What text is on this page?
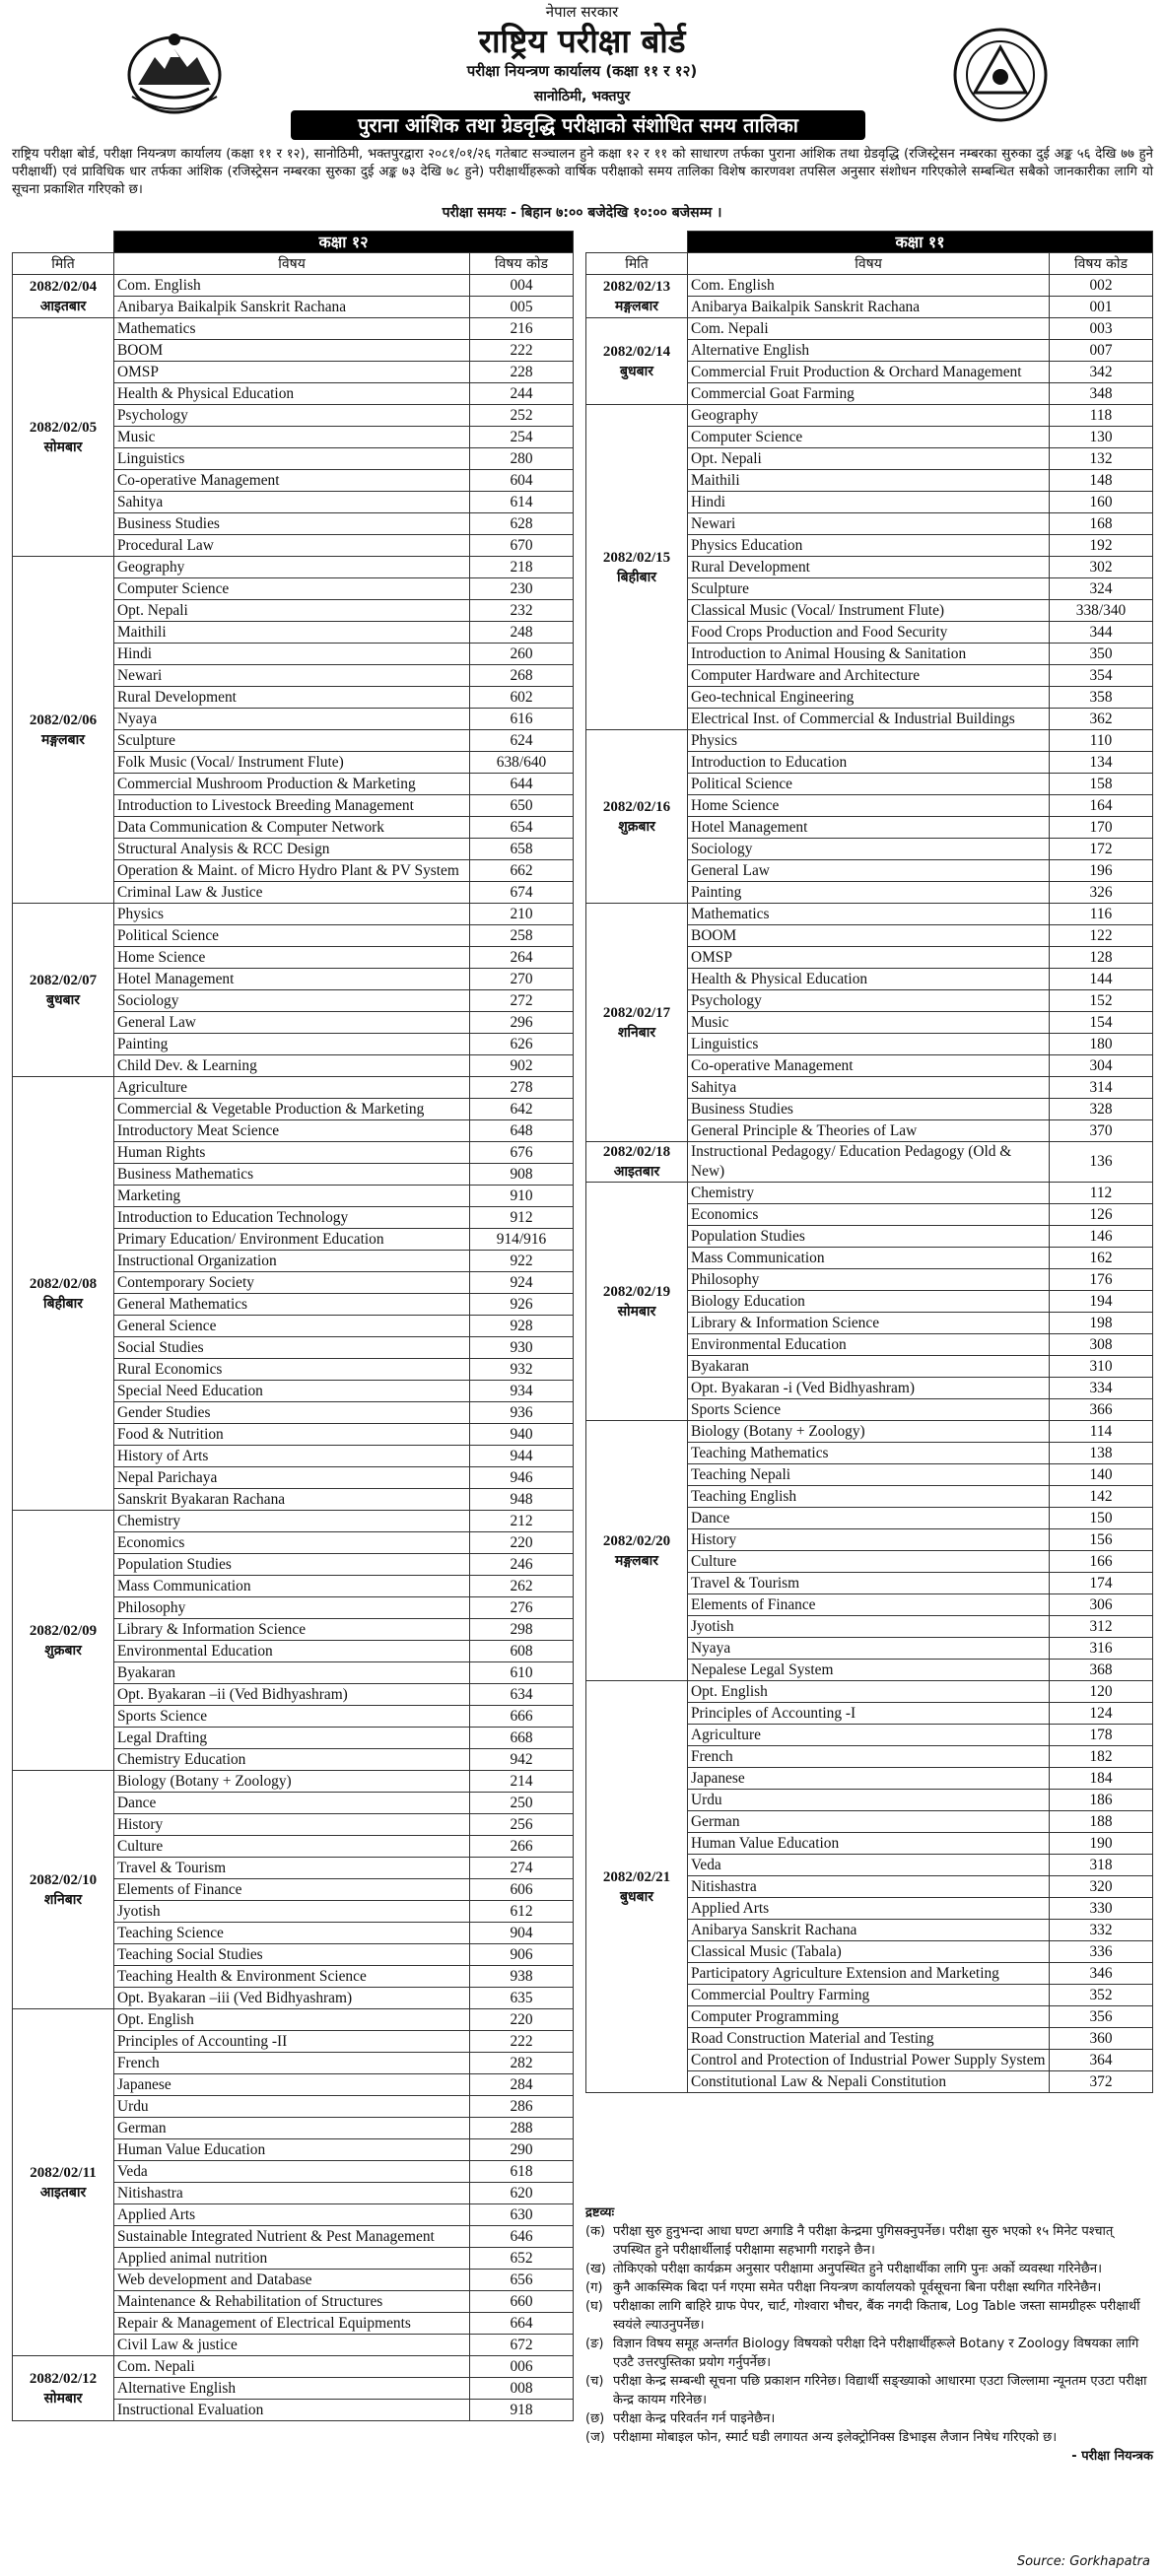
नेपाल सरकार
राष्ट्रिय परीक्षा बोर्ड
परीक्षा नियन्त्रण कार्यालय (कक्षा ११ र १२)
सानोठिमी, भक्तपुर
पुराना आंशिक तथा ग्रेडवृद्धि परीक्षाको संशोधित समय तालिका
राष्ट्रिय परीक्षा बोर्ड, परीक्षा नियन्त्रण कार्यालय (कक्षा ११ र १२), सानोठिमी, भक्तपुरद्वारा २०८१/०१/२६ गतेबाट सञ्चालन हुने कक्षा १२ र ११ को साधारण तर्फका पुराना आंशिक तथा ग्रेडवृद्धि (रजिस्ट्रेसन नम्बरका सुरुका दुई अङ्क ५६ देखि ७७ हुने परीक्षार्थी) एवं प्राविधिक धार तर्फका आंशिक (रजिस्ट्रेसन नम्बरका सुरुका दुई अङ्क ७३ देखि ७८ हुने) परीक्षार्थीहरूको वार्षिक परीक्षाको समय तालिका विशेष कारणवश तपसिल अनुसार संशोधन गरिएकोले सम्बन्धित सबैको जानकारीका लागि यो सूचना प्रकाशित गरिएको छ।
परीक्षा समयः - बिहान ७:०० बजेदेखि १०:०० बजेसम्म ।
	कक्षा १२	
मिति	विषय	विषय कोड
2082/02/04
आइतबार	Com. English	004
	Anibarya Baikalpik Sanskrit Rachana	005
2082/02/05
सोमबार	Mathematics	216
	BOOM	222
	OMSP	228
	Health & Physical Education	244
	Psychology	252
	Music	254
	Linguistics	280
	Co-operative Management	604
	Sahitya	614
	Business Studies	628
	Procedural Law	670
2082/02/06
मङ्गलबार	Geography	218
	Computer Science	230
	Opt. Nepali	232
	Maithili	248
	Hindi	260
	Newari	268
	Rural Development	602
	Nyaya	616
	Sculpture	624
	Folk Music (Vocal/ Instrument Flute)	638/640
	Commercial Mushroom Production & Marketing	644
	Introduction to Livestock Breeding Management	650
	Data Communication & Computer Network	654
	Structural Analysis & RCC Design	658
	Operation & Maint. of Micro Hydro Plant & PV System	662
	Criminal Law & Justice	674
2082/02/07
बुधबार	Physics	210
	Political Science	258
	Home Science	264
	Hotel Management	270
	Sociology	272
	General Law	296
	Painting	626
	Child Dev. & Learning	902
2082/02/08
बिहीबार	Agriculture	278
	Commercial & Vegetable Production & Marketing	642
	Introductory Meat Science	648
	Human Rights	676
	Business Mathematics	908
	Marketing	910
	Introduction to Education Technology	912
	Primary Education/ Environment Education	914/916
	Instructional Organization	922
	Contemporary Society	924
	General Mathematics	926
	General Science	928
	Social Studies	930
	Rural Economics	932
	Special Need Education	934
	Gender Studies	936
	Food & Nutrition	940
	History of Arts	944
	Nepal Parichaya	946
	Sanskrit Byakaran Rachana	948
2082/02/09
शुक्रबार	Chemistry	212
	Economics	220
	Population Studies	246
	Mass Communication	262
	Philosophy	276
	Library & Information Science	298
	Environmental Education	608
	Byakaran	610
	Opt. Byakaran –ii (Ved Bidhyashram)	634
	Sports Science	666
	Legal Drafting	668
	Chemistry Education	942
2082/02/10
शनिबार	Biology (Botany + Zoology)	214
	Dance	250
	History	256
	Culture	266
	Travel & Tourism	274
	Elements of Finance	606
	Jyotish	612
	Teaching Science	904
	Teaching Social Studies	906
	Teaching Health & Environment Science	938
	Opt. Byakaran –iii (Ved Bidhyashram)	635
2082/02/11
आइतबार	Opt. English	220
	Principles of Accounting -II	222
	French	282
	Japanese	284
	Urdu	286
	German	288
	Human Value Education	290
	Veda	618
	Nitishastra	620
	Applied Arts	630
	Sustainable Integrated Nutrient & Pest Management	646
	Applied animal nutrition	652
	Web development and Database	656
	Maintenance & Rehabilitation of Structures	660
	Repair & Management of Electrical Equipments	664
	Civil Law & justice	672
2082/02/12
सोमबार	Com. Nepali	006
	Alternative English	008
	Instructional Evaluation	918
	कक्षा ११	
मिति	विषय	विषय कोड
2082/02/13
मङ्गलबार	Com. English	002
	Anibarya Baikalpik Sanskrit Rachana	001
2082/02/14
बुधबार	Com. Nepali	003
	Alternative English	007
	Commercial Fruit Production & Orchard Management	342
	Commercial Goat Farming	348
2082/02/15
बिहीबार	Geography	118
	Computer Science	130
	Opt. Nepali	132
	Maithili	148
	Hindi	160
	Newari	168
	Physics Education	192
	Rural Development	302
	Sculpture	324
	Classical Music (Vocal/ Instrument Flute)	338/340
	Food Crops Production and Food Security	344
	Introduction to Animal Housing & Sanitation	350
	Computer Hardware and Architecture	354
	Geo-technical Engineering	358
	Electrical Inst. of Commercial & Industrial Buildings	362
2082/02/16
शुक्रबार	Physics	110
	Introduction to Education	134
	Political Science	158
	Home Science	164
	Hotel Management	170
	Sociology	172
	General Law	196
	Painting	326
2082/02/17
शनिबार	Mathematics	116
	BOOM	122
	OMSP	128
	Health & Physical Education	144
	Psychology	152
	Music	154
	Linguistics	180
	Co-operative Management	304
	Sahitya	314
	Business Studies	328
	General Principle & Theories of Law	370
2082/02/18
आइतबार	Instructional Pedagogy/ Education Pedagogy (Old & New)	136
2082/02/19
सोमबार	Chemistry	112
	Economics	126
	Population Studies	146
	Mass Communication	162
	Philosophy	176
	Biology Education	194
	Library & Information Science	198
	Environmental Education	308
	Byakaran	310
	Opt. Byakaran -i (Ved Bidhyashram)	334
	Sports Science	366
2082/02/20
मङ्गलबार	Biology (Botany + Zoology)	114
	Teaching Mathematics	138
	Teaching Nepali	140
	Teaching English	142
	Dance	150
	History	156
	Culture	166
	Travel & Tourism	174
	Elements of Finance	306
	Jyotish	312
	Nyaya	316
	Nepalese Legal System	368
2082/02/21
बुधबार	Opt. English	120
	Principles of Accounting -I	124
	Agriculture	178
	French	182
	Japanese	184
	Urdu	186
	German	188
	Human Value Education	190
	Veda	318
	Nitishastra	320
	Applied Arts	330
	Anibarya Sanskrit Rachana	332
	Classical Music (Tabala)	336
	Participatory Agriculture Extension and Marketing	346
	Commercial Poultry Farming	352
	Computer Programming	356
	Road Construction Material and Testing	360
	Control and Protection of Industrial Power Supply System	364
	Constitutional Law & Nepali Constitution	372
द्रष्टव्यः
(क) परीक्षा सुरु हुनुभन्दा आधा घण्टा अगाडि नै परीक्षा केन्द्रमा पुगिसक्नुपर्नेछ। परीक्षा सुरु भएको १५ मिनेट पश्चात् उपस्थित हुने परीक्षार्थीलाई परीक्षामा सहभागी गराइने छैन।
(ख) तोकिएको परीक्षा कार्यक्रम अनुसार परीक्षामा अनुपस्थित हुने परीक्षार्थीका लागि पुनः अर्को व्यवस्था गरिनेछैन।
(ग) कुनै आकस्मिक बिदा पर्न गएमा समेत परीक्षा नियन्त्रण कार्यालयको पूर्वसूचना बिना परीक्षा स्थगित गरिनेछैन।
(घ) परीक्षाका लागि बाहिरे ग्राफ पेपर, चार्ट, गोश्वारा भौचर, बैंक नगदी किताब, Log Table जस्ता सामग्रीहरू परीक्षार्थी स्वयंले ल्याउनुपर्नेछ।
(ङ) विज्ञान विषय समूह अन्तर्गत Biology विषयको परीक्षा दिने परीक्षार्थीहरूले Botany र Zoology विषयका लागि एउटै उत्तरपुस्तिका प्रयोग गर्नुपर्नेछ।
(च) परीक्षा केन्द्र सम्बन्धी सूचना पछि प्रकाशन गरिनेछ। विद्यार्थी सङ्ख्याको आधारमा एउटा जिल्लामा न्यूनतम एउटा परीक्षा केन्द्र कायम गरिनेछ।
(छ) परीक्षा केन्द्र परिवर्तन गर्न पाइनेछैन।
(ज) परीक्षामा मोबाइल फोन, स्मार्ट घडी लगायत अन्य इलेक्ट्रोनिक्स डिभाइस लैजान निषेध गरिएको छ।
- परीक्षा नियन्त्रक
Source: Gorkhapatra
